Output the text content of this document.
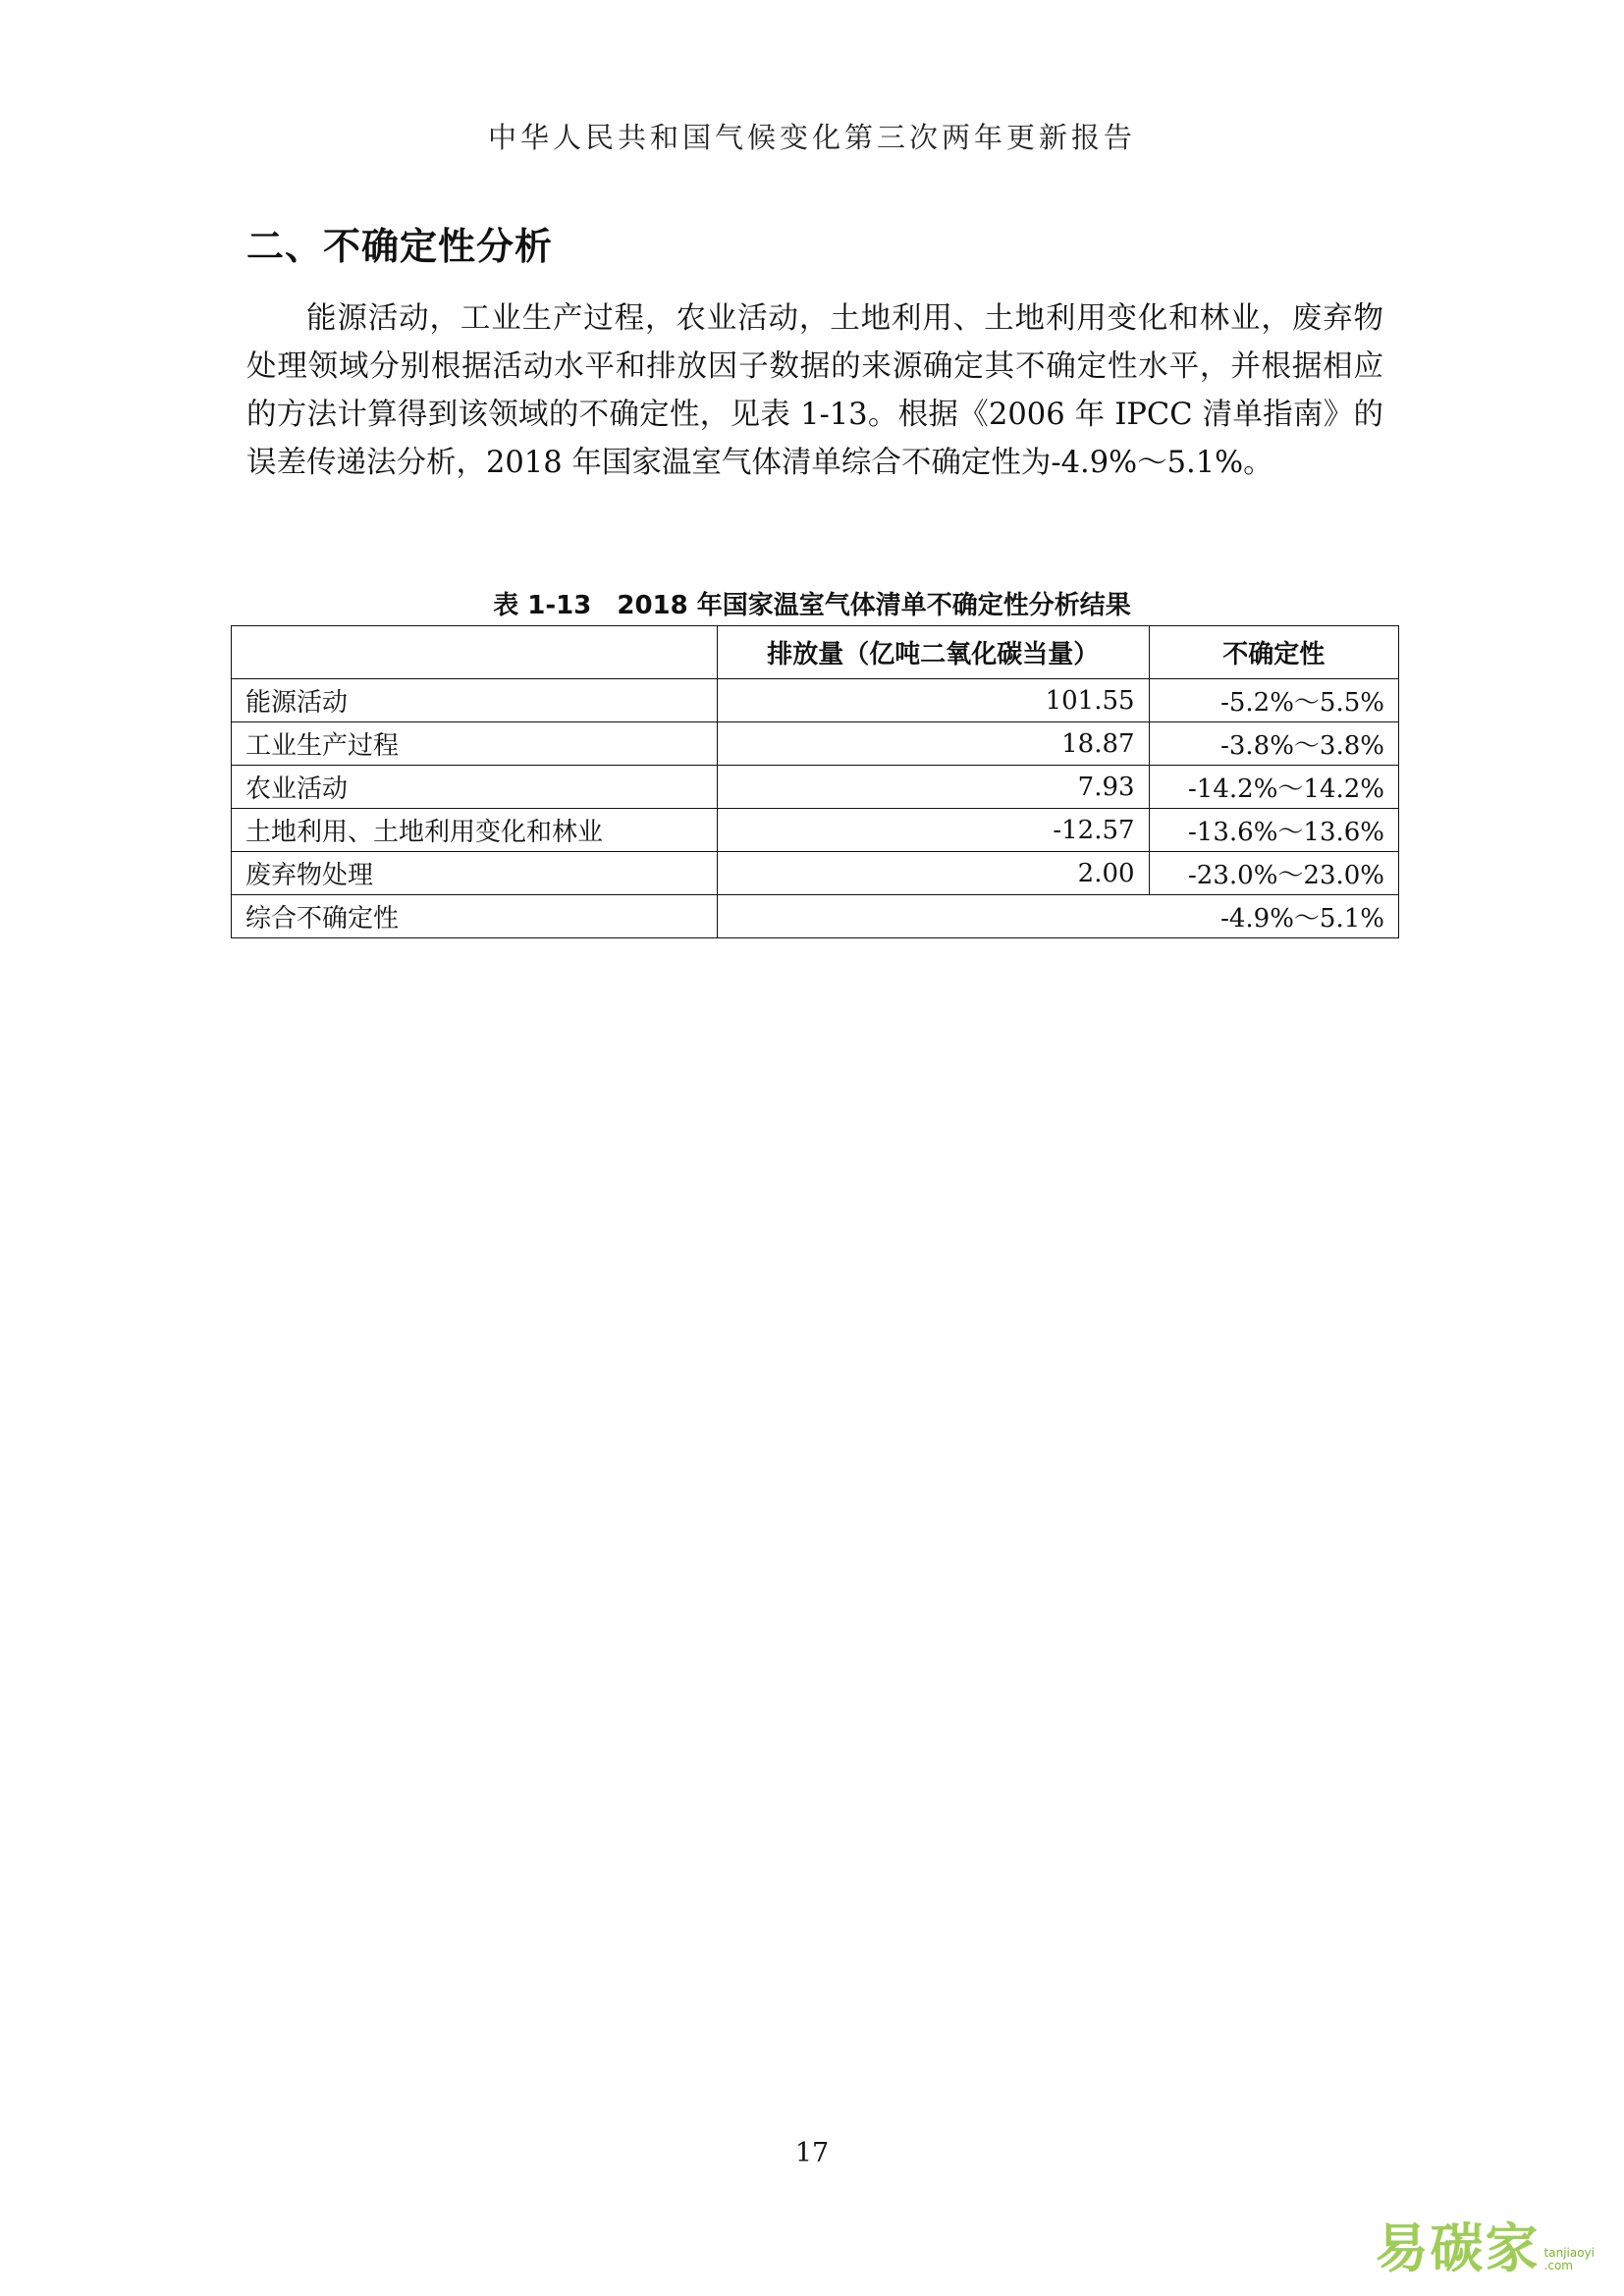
中华人民共和国气候变化第三次两年更新报告
二、不确定性分析

能源活动，工业生产过程，农业活动，土地利用、土地利用变化和林业，废弃物处理领域分别根据活动水平和排放因子数据的来源确定其不确定性水平，并根据相应的方法计算得到该领域的不确定性，见表 1-13。根据《2006 年 IPCC 清单指南》的误差传递法分析，2018 年国家温室气体清单综合不确定性为-4.9%～5.1%。

表 1-13　2018 年国家温室气体清单不确定性分析结果
	排放量（亿吨二氧化碳当量）	不确定性
能源活动	101.55	-5.2%～5.5%
工业生产过程	18.87	-3.8%～3.8%
农业活动	7.93	-14.2%～14.2%
土地利用、土地利用变化和林业	-12.57	-13.6%～13.6%
废弃物处理	2.00	-23.0%～23.0%
综合不确定性	-4.9%～5.1%	
17
易碳家 tanjiaoyi
.com
